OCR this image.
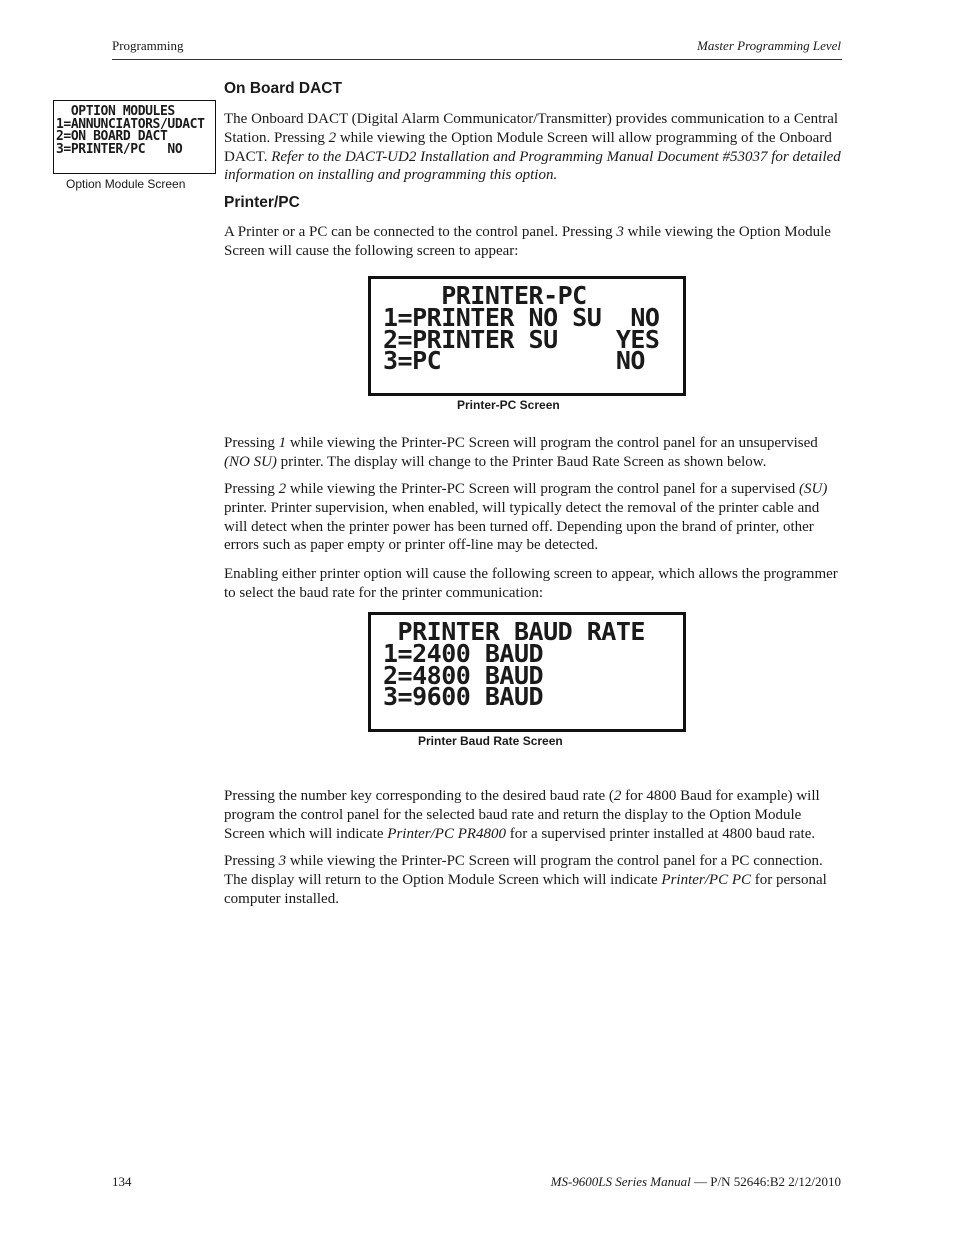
Programming	Master Programming Level
OPTION MODULES
1=ANNUNCIATORS/UDACT
2=ON BOARD DACT
3=PRINTER/PC   NO
Option Module Screen
On Board DACT
The Onboard DACT (Digital Alarm Communicator/Transmitter) provides communication to a Central Station. Pressing 2 while viewing the Option Module Screen will allow programming of the Onboard DACT. Refer to the DACT-UD2 Installation and Programming Manual Document #53037 for detailed information on installing and programming this option.
Printer/PC
A Printer or a PC can be connected to the control panel. Pressing 3 while viewing the Option Module Screen will cause the following screen to appear:
PRINTER-PC
1=PRINTER NO SU  NO
2=PRINTER SU    YES
3=PC            NO
Printer-PC Screen
Pressing 1 while viewing the Printer-PC Screen will program the control panel for an unsupervised (NO SU) printer. The display will change to the Printer Baud Rate Screen as shown below.
Pressing 2 while viewing the Printer-PC Screen will program the control panel for a supervised (SU) printer. Printer supervision, when enabled, will typically detect the removal of the printer cable and will detect when the printer power has been turned off. Depending upon the brand of printer, other errors such as paper empty or printer off-line may be detected.
Enabling either printer option will cause the following screen to appear, which allows the programmer to select the baud rate for the printer communication:
PRINTER BAUD RATE
1=2400 BAUD
2=4800 BAUD
3=9600 BAUD
Printer Baud Rate Screen
Pressing the number key corresponding to the desired baud rate (2 for 4800 Baud for example) will program the control panel for the selected baud rate and return the display to the Option Module Screen which will indicate Printer/PC PR4800 for a supervised printer installed at 4800 baud rate.
Pressing 3 while viewing the Printer-PC Screen will program the control panel for a PC connection. The display will return to the Option Module Screen which will indicate Printer/PC PC for personal computer installed.
134	MS-9600LS Series Manual — P/N 52646:B2 2/12/2010
